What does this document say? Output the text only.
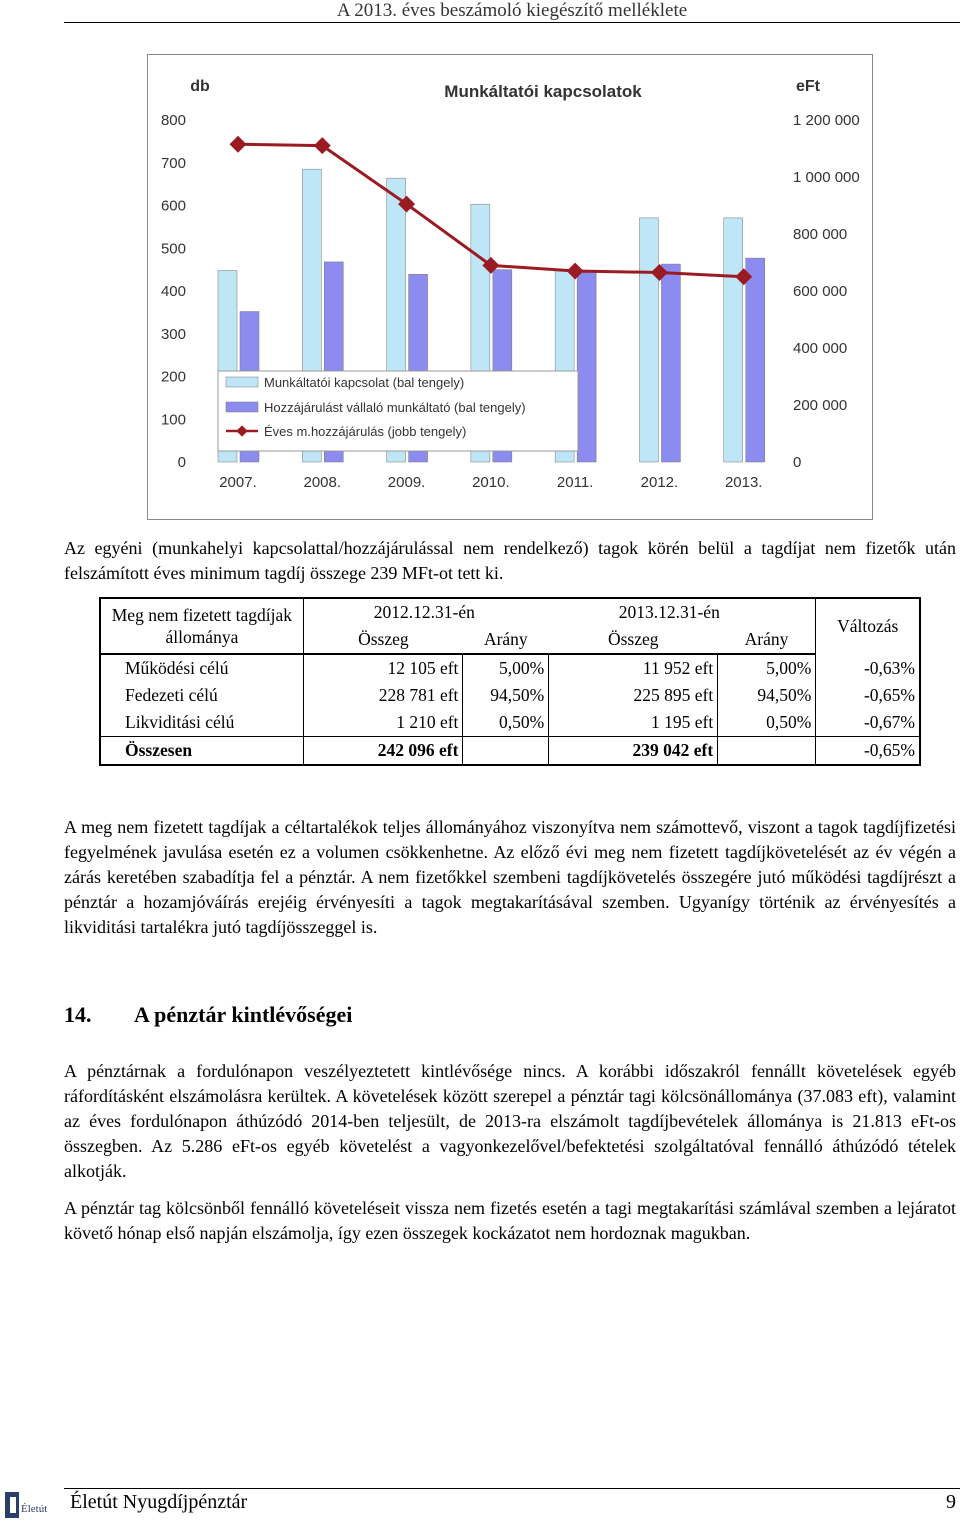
A 2013. éves beszámoló kiegészítő melléklete
Munkáltatói kapcsolatok
db	eFt
0
100
200
300
400
500
600
700
800
0
200 000
400 000
600 000
800 000
1 000 000
1 200 000
2007.	2008.	2009.	2010.	2011.	2012.	2013.
Munkáltatói kapcsolat (bal tengely)
Hozzájárulást vállaló munkáltató (bal tengely)
Éves m.hozzájárulás (jobb tengely)
Az egyéni (munkahelyi kapcsolattal/hozzájárulással nem rendelkező) tagok körén belül a tagdíjat nem fizetők után felszámított éves minimum tagdíj összege 239 MFt-ot tett ki.
Meg nem fizetett tagdíjak állománya	2012.12.31-én		2013.12.31-én		Változás
	Összeg	Arány	Összeg	Arány	
Működési célú	12 105 eft	5,00%	11 952 eft	5,00%	-0,63%
Fedezeti célú	228 781 eft	94,50%	225 895 eft	94,50%	-0,65%
Likviditási célú	1 210 eft	0,50%	1 195 eft	0,50%	-0,67%
Összesen	242 096 eft		239 042 eft		-0,65%
A meg nem fizetett tagdíjak a céltartalékok teljes állományához viszonyítva nem számottevő, viszont a tagok tagdíjfizetési fegyelmének javulása esetén ez a volumen csökkenhetne. Az előző évi meg nem fizetett tagdíjkövetelését az év végén a zárás keretében szabadítja fel a pénztár. A nem fizetőkkel szembeni tagdíjkövetelés összegére jutó működési tagdíjrészt a pénztár a hozamjóváírás erejéig érvényesíti a tagok megtakarításával szemben. Ugyanígy történik az érvényesítés a likviditási tartalékra jutó tagdíjösszeggel is.
14. A pénztár kintlévőségei
A pénztárnak a fordulónapon veszélyeztetett kintlévősége nincs. A korábbi időszakról fennállt követelések egyéb ráfordításként elszámolásra kerültek. A követelések között szerepel a pénztár tagi kölcsönállománya (37.083 eft), valamint az éves fordulónapon áthúzódó 2014-ben teljesült, de 2013-ra elszámolt tagdíjbevételek állománya is 21.813 eFt-os összegben. Az 5.286 eFt-os egyéb követelést a vagyonkezelővel/befektetési szolgáltatóval fennálló áthúzódó tételek alkotják.
A pénztár tag kölcsönből fennálló követeléseit vissza nem fizetés esetén a tagi megtakarítási számlával szemben a lejáratot követő hónap első napján elszámolja, így ezen összegek kockázatot nem hordoznak magukban.
Életút Életút Nyugdíjpénztár	9
